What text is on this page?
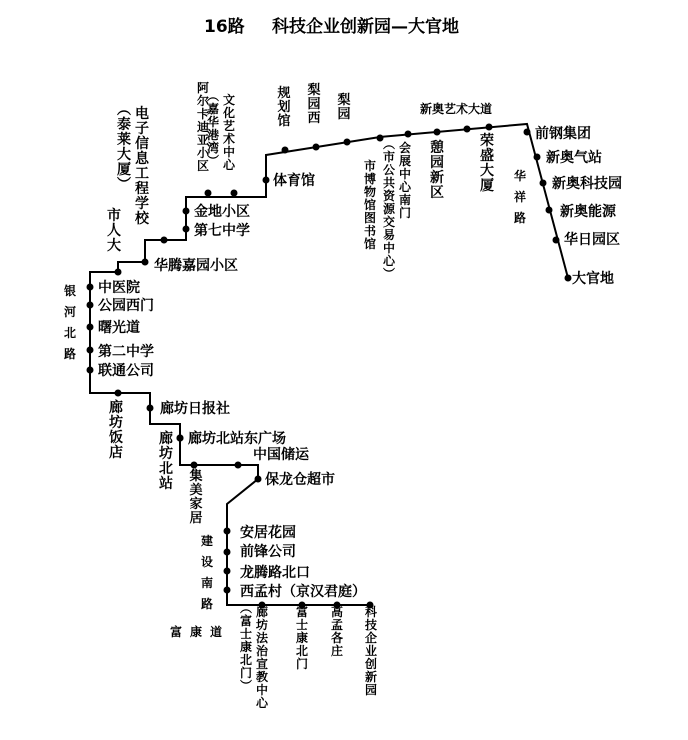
16路 科技企业创新园—大官地
科技企业创新园
高孟各庄
富士康北门
廊坊法治宣教中心︵富士康北门︶
西孟村（京汉君庭）
龙腾路北口
前锋公司
安居花园
保龙仓超市
中国储运
集美家居
廊坊北站
廊坊北站东广场
廊坊日报社
廊坊饭店
联通公司
第二中学
曙光道
公园西门
中医院
市人大
华腾嘉园小区
第七中学
金地小区
电子信息工程学校︵泰莱大厦︶
阿尔卡迪亚小区
文化艺术中心︵嘉华港湾︶
体育馆
规划馆
梨园西
梨园
市博物馆图书馆
会展中心南门︵市公共资源交易中心︶
憩园新区
新奥艺术大道
荣盛大厦
前钢集团
新奥气站
新奥科技园
新奥能源
华日园区
大官地
银河北路
建设南路
富康道
华祥路
